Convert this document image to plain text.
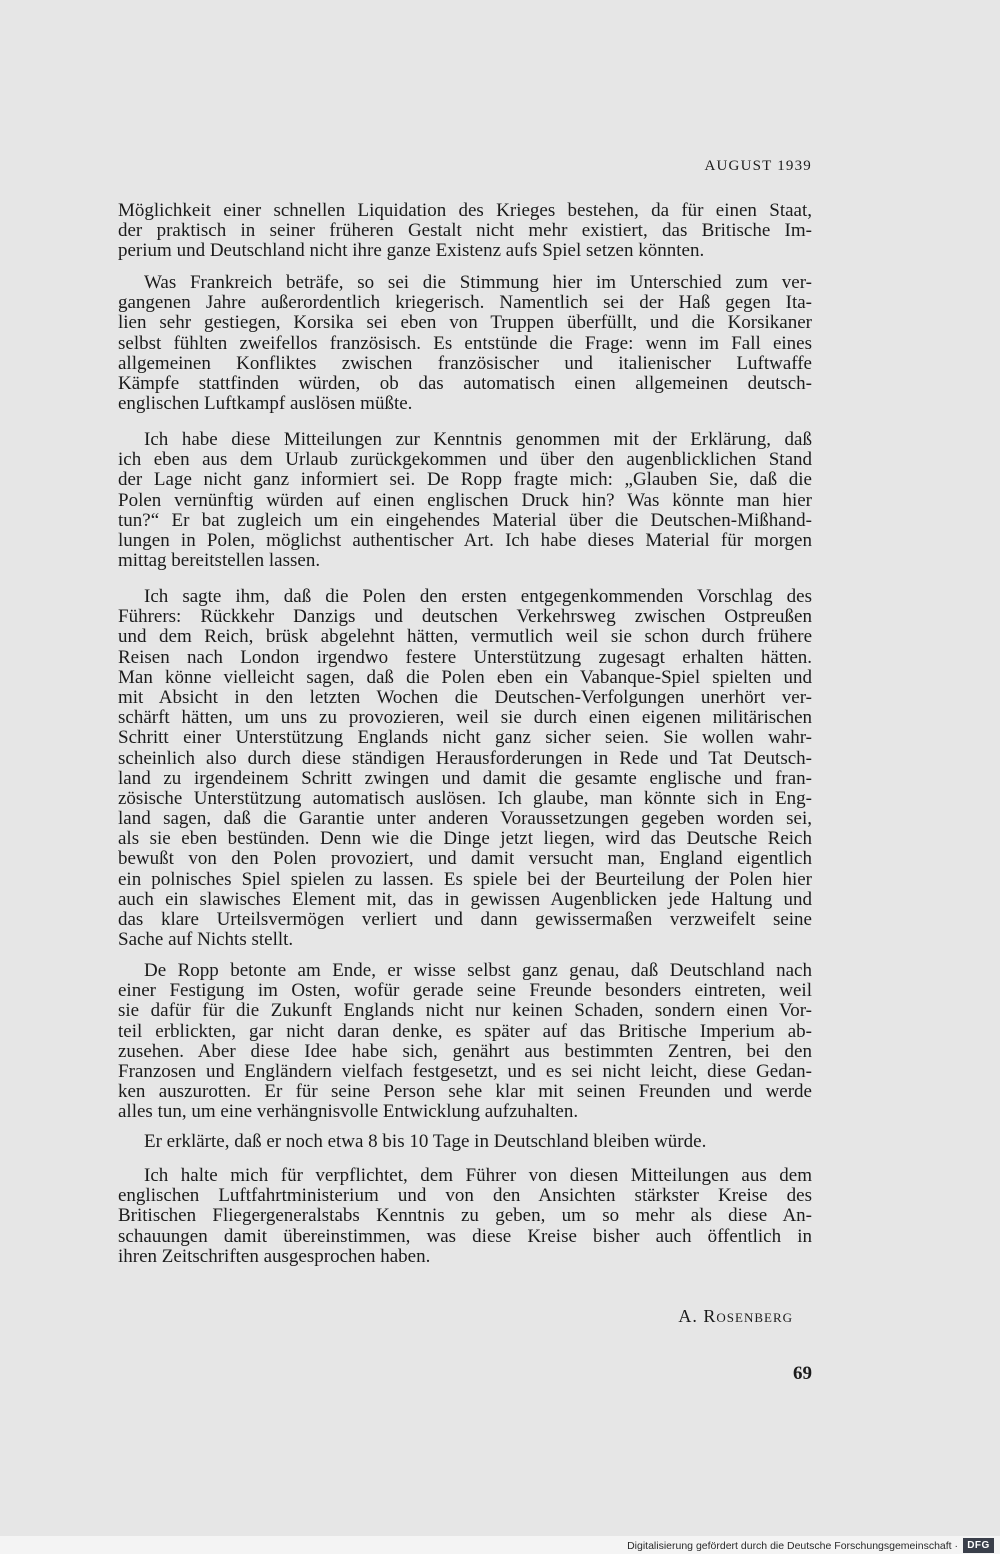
AUGUST 1939
Möglichkeit einer schnellen Liquidation des Krieges bestehen, da für einen Staat,
der praktisch in seiner früheren Gestalt nicht mehr existiert, das Britische Im-
perium und Deutschland nicht ihre ganze Existenz aufs Spiel setzen könnten.
Was Frankreich beträfe, so sei die Stimmung hier im Unterschied zum ver-
gangenen Jahre außerordentlich kriegerisch. Namentlich sei der Haß gegen Ita-
lien sehr gestiegen, Korsika sei eben von Truppen überfüllt, und die Korsikaner
selbst fühlten zweifellos französisch. Es entstünde die Frage: wenn im Fall eines
allgemeinen Konfliktes zwischen französischer und italienischer Luftwaffe
Kämpfe stattfinden würden, ob das automatisch einen allgemeinen deutsch-
englischen Luftkampf auslösen müßte.
Ich habe diese Mitteilungen zur Kenntnis genommen mit der Erklärung, daß
ich eben aus dem Urlaub zurückgekommen und über den augenblicklichen Stand
der Lage nicht ganz informiert sei. De Ropp fragte mich: „Glauben Sie, daß die
Polen vernünftig würden auf einen englischen Druck hin? Was könnte man hier
tun?“ Er bat zugleich um ein eingehendes Material über die Deutschen-Mißhand-
lungen in Polen, möglichst authentischer Art. Ich habe dieses Material für morgen
mittag bereitstellen lassen.
Ich sagte ihm, daß die Polen den ersten entgegenkommenden Vorschlag des
Führers: Rückkehr Danzigs und deutschen Verkehrsweg zwischen Ostpreußen
und dem Reich, brüsk abgelehnt hätten, vermutlich weil sie schon durch frühere
Reisen nach London irgendwo festere Unterstützung zugesagt erhalten hätten.
Man könne vielleicht sagen, daß die Polen eben ein Vabanque-Spiel spielten und
mit Absicht in den letzten Wochen die Deutschen-Verfolgungen unerhört ver-
schärft hätten, um uns zu provozieren, weil sie durch einen eigenen militärischen
Schritt einer Unterstützung Englands nicht ganz sicher seien. Sie wollen wahr-
scheinlich also durch diese ständigen Herausforderungen in Rede und Tat Deutsch-
land zu irgendeinem Schritt zwingen und damit die gesamte englische und fran-
zösische Unterstützung automatisch auslösen. Ich glaube, man könnte sich in Eng-
land sagen, daß die Garantie unter anderen Voraussetzungen gegeben worden sei,
als sie eben bestünden. Denn wie die Dinge jetzt liegen, wird das Deutsche Reich
bewußt von den Polen provoziert, und damit versucht man, England eigentlich
ein polnisches Spiel spielen zu lassen. Es spiele bei der Beurteilung der Polen hier
auch ein slawisches Element mit, das in gewissen Augenblicken jede Haltung und
das klare Urteilsvermögen verliert und dann gewissermaßen verzweifelt seine
Sache auf Nichts stellt.
De Ropp betonte am Ende, er wisse selbst ganz genau, daß Deutschland nach
einer Festigung im Osten, wofür gerade seine Freunde besonders eintreten, weil
sie dafür für die Zukunft Englands nicht nur keinen Schaden, sondern einen Vor-
teil erblickten, gar nicht daran denke, es später auf das Britische Imperium ab-
zusehen. Aber diese Idee habe sich, genährt aus bestimmten Zentren, bei den
Franzosen und Engländern vielfach festgesetzt, und es sei nicht leicht, diese Gedan-
ken auszurotten. Er für seine Person sehe klar mit seinen Freunden und werde
alles tun, um eine verhängnisvolle Entwicklung aufzuhalten.
Er erklärte, daß er noch etwa 8 bis 10 Tage in Deutschland bleiben würde.
Ich halte mich für verpflichtet, dem Führer von diesen Mitteilungen aus dem
englischen Luftfahrtministerium und von den Ansichten stärkster Kreise des
Britischen Fliegergeneralstabs Kenntnis zu geben, um so mehr als diese An-
schauungen damit übereinstimmen, was diese Kreise bisher auch öffentlich in
ihren Zeitschriften ausgesprochen haben.
A. Rosenberg
69
Digitalisierung gefördert durch die Deutsche Forschungsgemeinschaft · DFG
